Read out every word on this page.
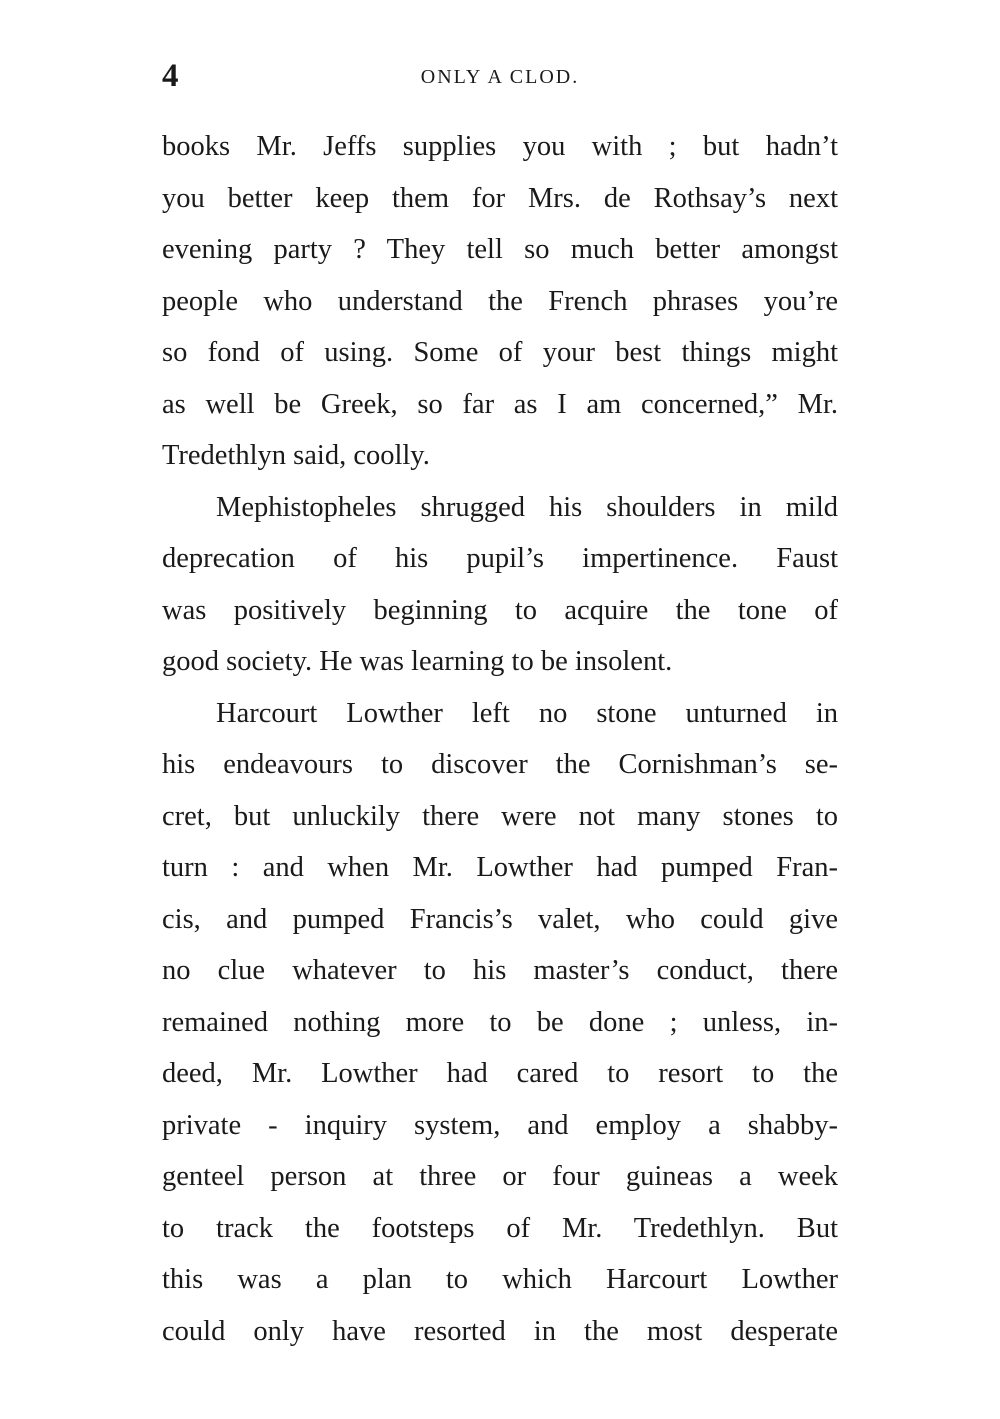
4	ONLY A CLOD.

books Mr. Jeffs supplies you with ; but hadn’t
you better keep them for Mrs. de Rothsay’s next
evening party ? They tell so much better amongst
people who understand the French phrases you’re
so fond of using. Some of your best things might
as well be Greek, so far as I am concerned,” Mr.
Tredethlyn said, coolly.

Mephistopheles shrugged his shoulders in mild
deprecation of his pupil’s impertinence. Faust
was positively beginning to acquire the tone of
good society. He was learning to be insolent.

Harcourt Lowther left no stone unturned in
his endeavours to discover the Cornishman’s se-
cret, but unluckily there were not many stones to
turn : and when Mr. Lowther had pumped Fran-
cis, and pumped Francis’s valet, who could give
no clue whatever to his master’s conduct, there
remained nothing more to be done ; unless, in-
deed, Mr. Lowther had cared to resort to the
private - inquiry system, and employ a shabby-
genteel person at three or four guineas a week
to track the footsteps of Mr. Tredethlyn. But
this was a plan to which Harcourt Lowther
could only have resorted in the most desperate
